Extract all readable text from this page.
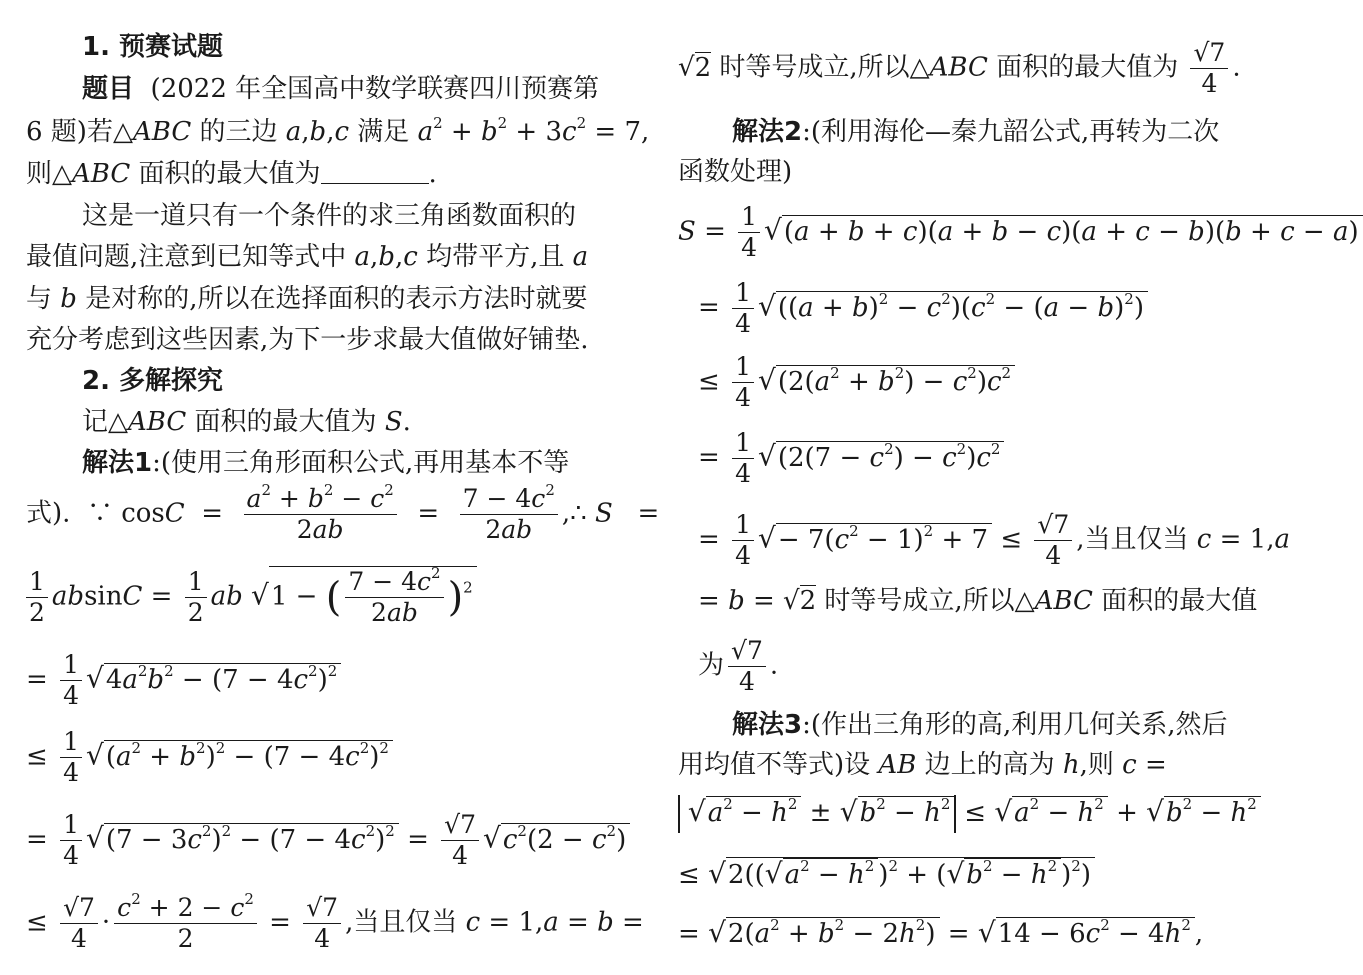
1. 预赛试题
题目 (2022 年全国高中数学联赛四川预赛第
6 题)若△ABC 的三边 a,b,c 满足 $a^2 + b^2 + 3c^2 = 7$,
则△ABC 面积的最大值为	.
这是一道只有一个条件的求三角函数面积的
最值问题,注意到已知等式中 a,b,c 均带平方,且 a
与 b 是对称的,所以在选择面积的表示方法时就要
充分考虑到这些因素,为下一步求最大值做好铺垫.
2. 多解探究
记△ABC 面积的最大值为 S.
解法1:(使用三角形面积公式,再用基本不等
式).  ∵ $\cos C = \frac{a^2 + b^2 - c^2}{2ab} = \frac{7 - 4c^2}{2ab}$ ,∴ S   =
$\frac{1}{2}$ $absinC = \frac{1}{2}$ ab √1 − ( $\frac{7 - 4c^2}{2ab} )^2$
= $\frac{1}{4} √4a^2b^2 - (7 - 4c^2)^2$
≤ $\frac{1}{4} √(a^2 + b^2)^2 - (7 - 4c^2)^2$
= $\frac{1}{4} √(7 - 3c^2)^2 - (7 - 4c^2)^2 = \frac{√7}{4} √c^2(2 - c^2)$
≤ $\frac{√7}{4} \cdot \frac{c^2 + 2 - c^2}{2} = \frac{√7}{4}$ ,当且仅当 c = 1,a = b =
√2 时等号成立,所以△ABC 面积的最大值为 $\frac{√7}{4}$ .
解法2:(利用海伦—秦九韶公式,再转为二次
函数处理)
$S = \frac{1}{4} √(a + b + c)(a + b - c)(a + c - b)(b + c - a)$
= $\frac{1}{4} √((a + b)^2 - c^2)(c^2 - (a - b)^2)$
≤ $\frac{1}{4} √(2(a^2 + b^2) - c^2)c^2$
= $\frac{1}{4} √(2(7 - c^2) - c^2)c^2$
= $\frac{1}{4}$ √− $7(c^2 - 1)^2 + 7 \le \frac{√7}{4}$ ,当且仅当 c = 1,a
= b = √2 时等号成立,所以△ABC 面积的最大值
为 $\frac{√7}{4}$ .
解法3:(作出三角形的高,利用几何关系,然后
用均值不等式)设 AB 边上的高为 h,则 c =
$√a^2 - h^2 \pm √b^2 - h^2 \le √a^2 - h^2 + √b^2 - h^2$
≤ $√2((√a^2 - h^2$ )$^2 + (√b^2 - h^2$ )$^2$)
= $√2(a^2 + b^2 - 2h^2) = √14 - 6c^2 - 4h^2$ ,
